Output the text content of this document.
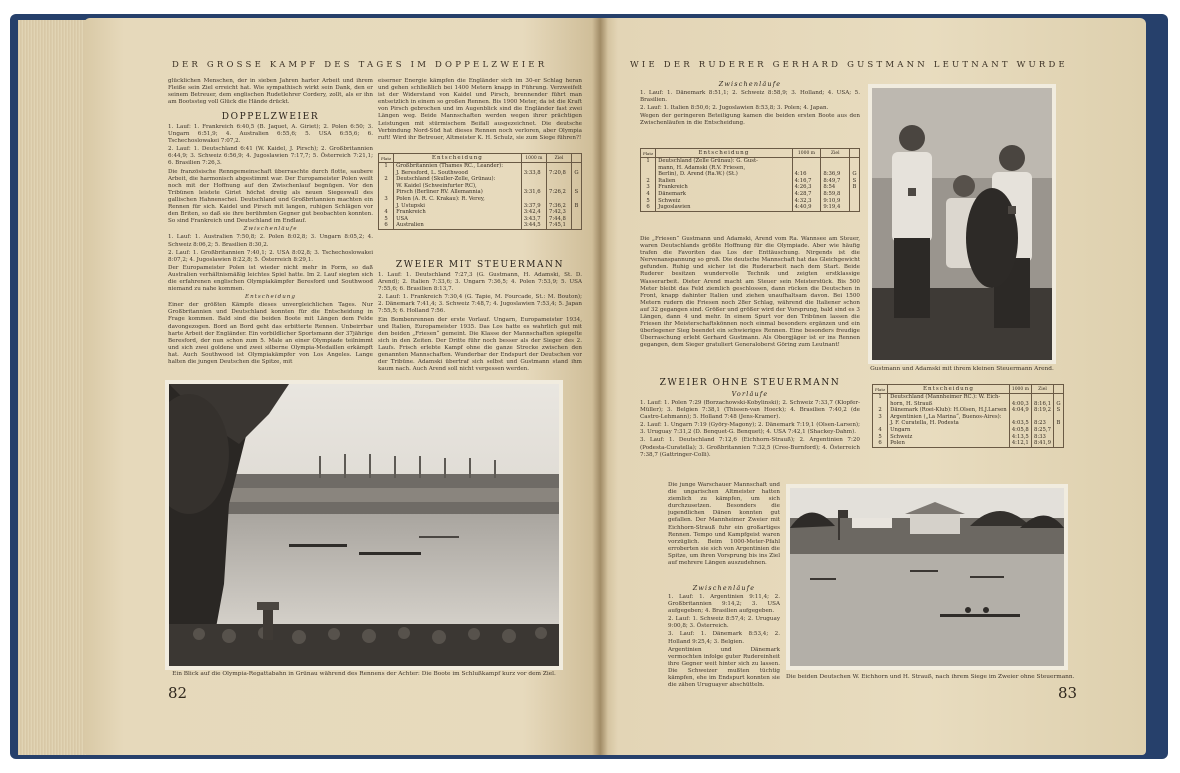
DER GROSSE KAMPF DES TAGES IM DOPPELZWEIER
glücklichen Menschen, der in sieben Jahren harter Arbeit und ihrem Fleiße sein Ziel erreicht hat. Wie sympathisch wirkt sein Dank, den er seinem Betreuer, dem englischen Rudetlehrer Cordery, zollt, als er ihn am Bootssteg voll Glück die Hände drückt.
DOPPELZWEIER

1. Lauf: 1. Frankreich 6:40,5 (B. Jaquet, A. Giriet); 2. Polen 6:50; 3. Ungarn 6:51,9; 4. Australien 6:55,6; 5. USA 6:55,6; 6. Tschechoslowakei 7:07,2.

2. Lauf: 1. Deutschland 6:41 (W. Kaidel, J. Pirsch); 2. Großbritannien 6:44,9; 3. Schweiz 6:56,9; 4. Jugoslawien 7:17,7; 5. Österreich 7:21,1; 6. Brasilien 7:26,3.

Die französische Renngemeinschaft überraschte durch flotte, saubere Arbeit, die harmonisch abgestimmt war. Der Europameister Polen weilt noch mit der Hoffnung auf den Zwischenlauf begnügen. Vor den Tribünen leistete Giriet höchst dreiig als neuen Siegeswall des gallischen Hahnenschei. Deutschland und Großbritannien machten ein Rennen für sich. Kaidel und Pirsch mit langen, ruhigen Schlägen vor den Briten, so daß sie ihre berühmten Gegner gut beobachten konnten. So sind Frankreich und Deutschland im Endlauf.

Zwischenläufe

1. Lauf: 1. Australien 7:50,8; 2. Polen 8:02,8; 3. Ungarn 8:05,2; 4. Schweiz 8:06,2; 5. Brasilien 8:30,2.

2. Lauf: 1. Großbritannien 7:40,1; 2. USA 8:02,8; 3. Tschechoslowakei 8:07,2; 4. Jugoslawien 8:22,8; 5. Österreich 8:29,1.

Der Europameister Polen ist wieder nicht mehr in Form, so daß Australien verhältnismäßig leichtes Spiel hatte. Im 2. Lauf siegten sich die erfahrenen englischen Olympiakämpfer Beresford und Southwood niemand zu nahe kommen.

Entscheidung

Einer der größten Kämpfe dieses unvergleichlichen Tages. Nur Großbritannien und Deutschland konnten für die Entscheidung in Frage kommen. Bald sind die beiden Boote mit Längen dem Felde davongezogen. Bord an Bord geht das erbitterte Rennen. Unbeirrbar harte Arbeit der Engländer. Ein vorbildlicher Sportsmann der 37jährige Beresford, der nun schon zum 5. Male an einer Olympiade teilnimmt und sich zwei goldene und zwei silberne Olympia-Medaillen erkämpft hat. Auch Southwood ist Olympiakämpfer von Los Angeles. Lange halten die jungen Deutschen die Spitze, mit

eiserner Energie kämpfen die Engländer sich im 30-er Schlag heran und gehen schließlich bei 1400 Metern knapp in Führung. Verzweifelt ist der Widerstand von Kaidel und Pirsch, brennender führt man entsetzlich in einem so großen Rennen. Bis 1900 Meter, da ist die Kraft von Pirsch gebrochen und im Augenblick sind die Engländer fast zwei Längen weg. Beide Mannschaften werden wegen ihrer prächtigen Leistungen mit stürmischem Beifall ausgezeichnet. Die deutsche Verbindung Nord-Süd hat dieses Rennen noch verloren, aber Olympia ruft! Wird ihr Betreuer, Altmeister K. H. Schulz, sie zum Siege führen?!
Platz	Entscheidung	1000 m	Ziel	
1	Großbritannien (Thames RC., Leander):			
	J. Beresford, L. Southwood	3:33,8	7:20,8	G
2	Deutschland (Skuller-Zelle, Grünau):			
	W. Kaidel (Schweinfurter RC),			
	Pirsch (Berliner RV. Allemannia)	3:31,6	7:26,2	S
3	Polen (A. R. C. Krakau): R. Verey,			
	J. Ustupski	3:37,9	7:36,2	B
4	Frankreich	3:42,4	7:42,3	
5	USA	3:43,7	7:44,8	
6	Australien	3:44,5	7:45,1	
ZWEIER MIT STEUERMANN

1. Lauf: 1. Deutschland 7:27,3 (G. Gustmann, H. Adamski, St. D. Arend); 2. Italien 7:33,6; 3. Ungarn 7:36,5; 4. Polen 7:53,9; 5. USA 7:55,6; 6. Brasilien 8:13,7.

2. Lauf: 1. Frankreich 7:30,4 (G. Tapie, M. Fourcade, St.: M. Bouton); 2. Dänemark 7:41,4; 3. Schweiz 7:48,7; 4. Jugoslawien 7:53,4; 5. Japan 7:55,5; 6. Holland 7:56.

Ein Bombenrennen der erste Vorlauf. Ungarn, Europameister 1934, und Italien, Europameister 1935. Das Los hatte es wahrlich gut mit den beiden „Friesen“ gemeint. Die Klasse der Mannschaften spiegelte sich in den Zeiten. Der Dritte führ noch besser als der Sieger des 2. Laufs. Frisch erlebte Kampf ohne die ganze Strecke zwischen den genannten Mannschaften. Wunderbar der Endspurt der Deutschen vor der Tribüne. Adamski übertraf sich selbst und Gustmann stand ihm kaum nach. Auch Arend soll nicht vergessen werden.

Ein Blick auf die Olympia-Regattabahn in Grünau während des Rennens der Achter: Die Boote im Schlußkampf kurz vor dem Ziel.
82
WIE DER RUDERER GERHARD GUSTMANN LEUTNANT WURDE
Zwischenläufe

1. Lauf: 1. Dänemark 8:51,1; 2. Schweiz 8:58,9; 3. Holland; 4. USA; 5. Brasilien.

2. Lauf: 1. Italien 8:50,6; 2. Jugoslawien 8:53,8; 3. Polen; 4. Japan.

Wegen der geringeren Beteiligung kamen die beiden ersten Boote aus den Zwischenläufen in die Entscheidung.

Platz	Entscheidung	1000 m	Ziel	
1	Deutschland (Zelle Grünau): G. Gust-			
	mann, H. Adamski (R.V. Friesen,			
	Berlin), D. Arend (Ra.W.) (St.)	4:16	8:36,9	G
2	Italien	4:16,7	8:49,7	S
3	Frankreich	4:26,3	8:54	B
4	Dänemark	4:28,7	8:59,8	
5	Schweiz	4:32,3	9:10,9	
6	Jugoslawien	4:40,9	9:19,4	
Die „Friesen“ Gustmann und Adamski, Arend vom Ra. Wannsee am Steuer, waren Deutschlands größte Hoffnung für die Olympiade. Aber wie häufig trafen die Favoriten das Los der Enttäuschung. Nirgends ist die Nervenanspannung so groß. Die deutsche Mannschaft hat das Gleichgewicht gefunden. Ruhig und sicher ist die Ruderarbeit nach dem Start. Beide Ruderer besitzen wundervolle Technik und zeigten erstklassige Wasserarbeit. Dieter Arend macht am Steuer sein Meisterstück. Bis 500 Meter bleibt das Feld ziemlich geschlossen, dann rücken die Deutschen in Front, knapp dahinter Italien und ziehen unaufhaltsam davon. Bei 1500 Metern rudern die Friesen noch 28er Schlag, während die Italiener schon auf 32 gegangen sind. Größer und größer wird der Vorsprung, bald sind es 3 Längen, dann 4 und mehr. In einem Spurt vor den Tribünen lassen die Friesen ihr Meisterschaftskönnen noch einmal besonders ergänzen und ein überlegener Sieg beendet ein schwieriges Rennen. Eine besonders freudige Überraschung erlebt Gerhard Gustmann. Als Obergjäger ist er ins Rennen gegangen, dem Sieger gratuliert Generaloberst Göring zum Leutnant!
Gustmann und Adamski mit ihrem kleinen Steuermann Arend.
ZWEIER OHNE STEUERMANN
Vorläufe

1. Lauf: 1. Polen 7:29 (Borzachowski-Kobylinski); 2. Schweiz 7:33,7 (Klopfer-Müller); 3. Belgien 7:38,1 (Thissen-van Hoeck); 4. Brasilien 7:40,2 (de Castro-Lehmann); 5. Holland 7:48 (Jens-Kramer).

2. Lauf: 1. Ungarn 7:19 (Györy-Magony); 2. Dänemark 7:19,1 (Olsen-Larsen); 3. Uruguay 7:31,2 (D. Benquet-G. Benquet); 4. USA 7:42,1 (Shackey-Dahm).

3. Lauf: 1. Deutschland 7:12,6 (Eichhorn-Strauß); 2. Argentinien 7:20 (Podesta-Curatella); 3. Großbritannien 7:32,5 (Cree-Burnford); 4. Österreich 7:38,7 (Gattringer-Colli).

Die junge Warschauer Mannschaft und die ungarischen Altmeister hatten ziemlich zu kämpfen, um sich durchzusetzen. Besonders die jugendlichen Dänen konnten gut gefallen. Der Mannheimer Zweier mit Eichhorn-Strauß fuhr ein großartiges Rennen. Tempo und Kampfgeist waren vorzüglich. Beim 1000-Meter-Pfahl erroberten sie sich von Argentinien die Spitze, um ihren Vorsprung bis ins Ziel auf mehrere Längen auszudehnen.
Zwischenläufe

1. Lauf: 1. Argentinien 9:11,4; 2. Großbritannien 9:14,2; 3. USA aufgegeben; 4. Brasilien aufgegeben.

2. Lauf: 1. Schweiz 8:57,4; 2. Uruguay 9:00,8; 3. Österreich.

3. Lauf: 1. Dänemark 8:53,4; 2. Holland 9:25,4; 3. Belgien.

Argentinien und Dänemark vermochten infolge guter Rudereinheit ihre Gegner weit hinter sich zu lassen. Die Schweizer mußten tüchtig kämpfen, ehe im Endspurt konnten sie die zähen Uruguayer abschütteln.

Platz	Entscheidung	1000 m	Ziel	
1	Deutschland (Mannheimer RC.): W. Eich-			
	horn, H. Strauß	4:00,3	8:16,1	G
2	Dänemark (Roei-Klub): H.Olsen, H.J.Larsen	4:04,9	8:19,2	S
3	Argentinien („La Marina“, Buenos-Aires):			
	J. F. Curatella, H. Podesta	4:03,5	8:23	B
4	Ungarn	4:05,8	8:25,7	
5	Schweiz	4:13,5	8:33	
6	Polen	4:12,1	8:41,9	
Die beiden Deutschen W. Eichhorn und H. Strauß, nach ihrem Siege im Zweier ohne Steuermann.
83
